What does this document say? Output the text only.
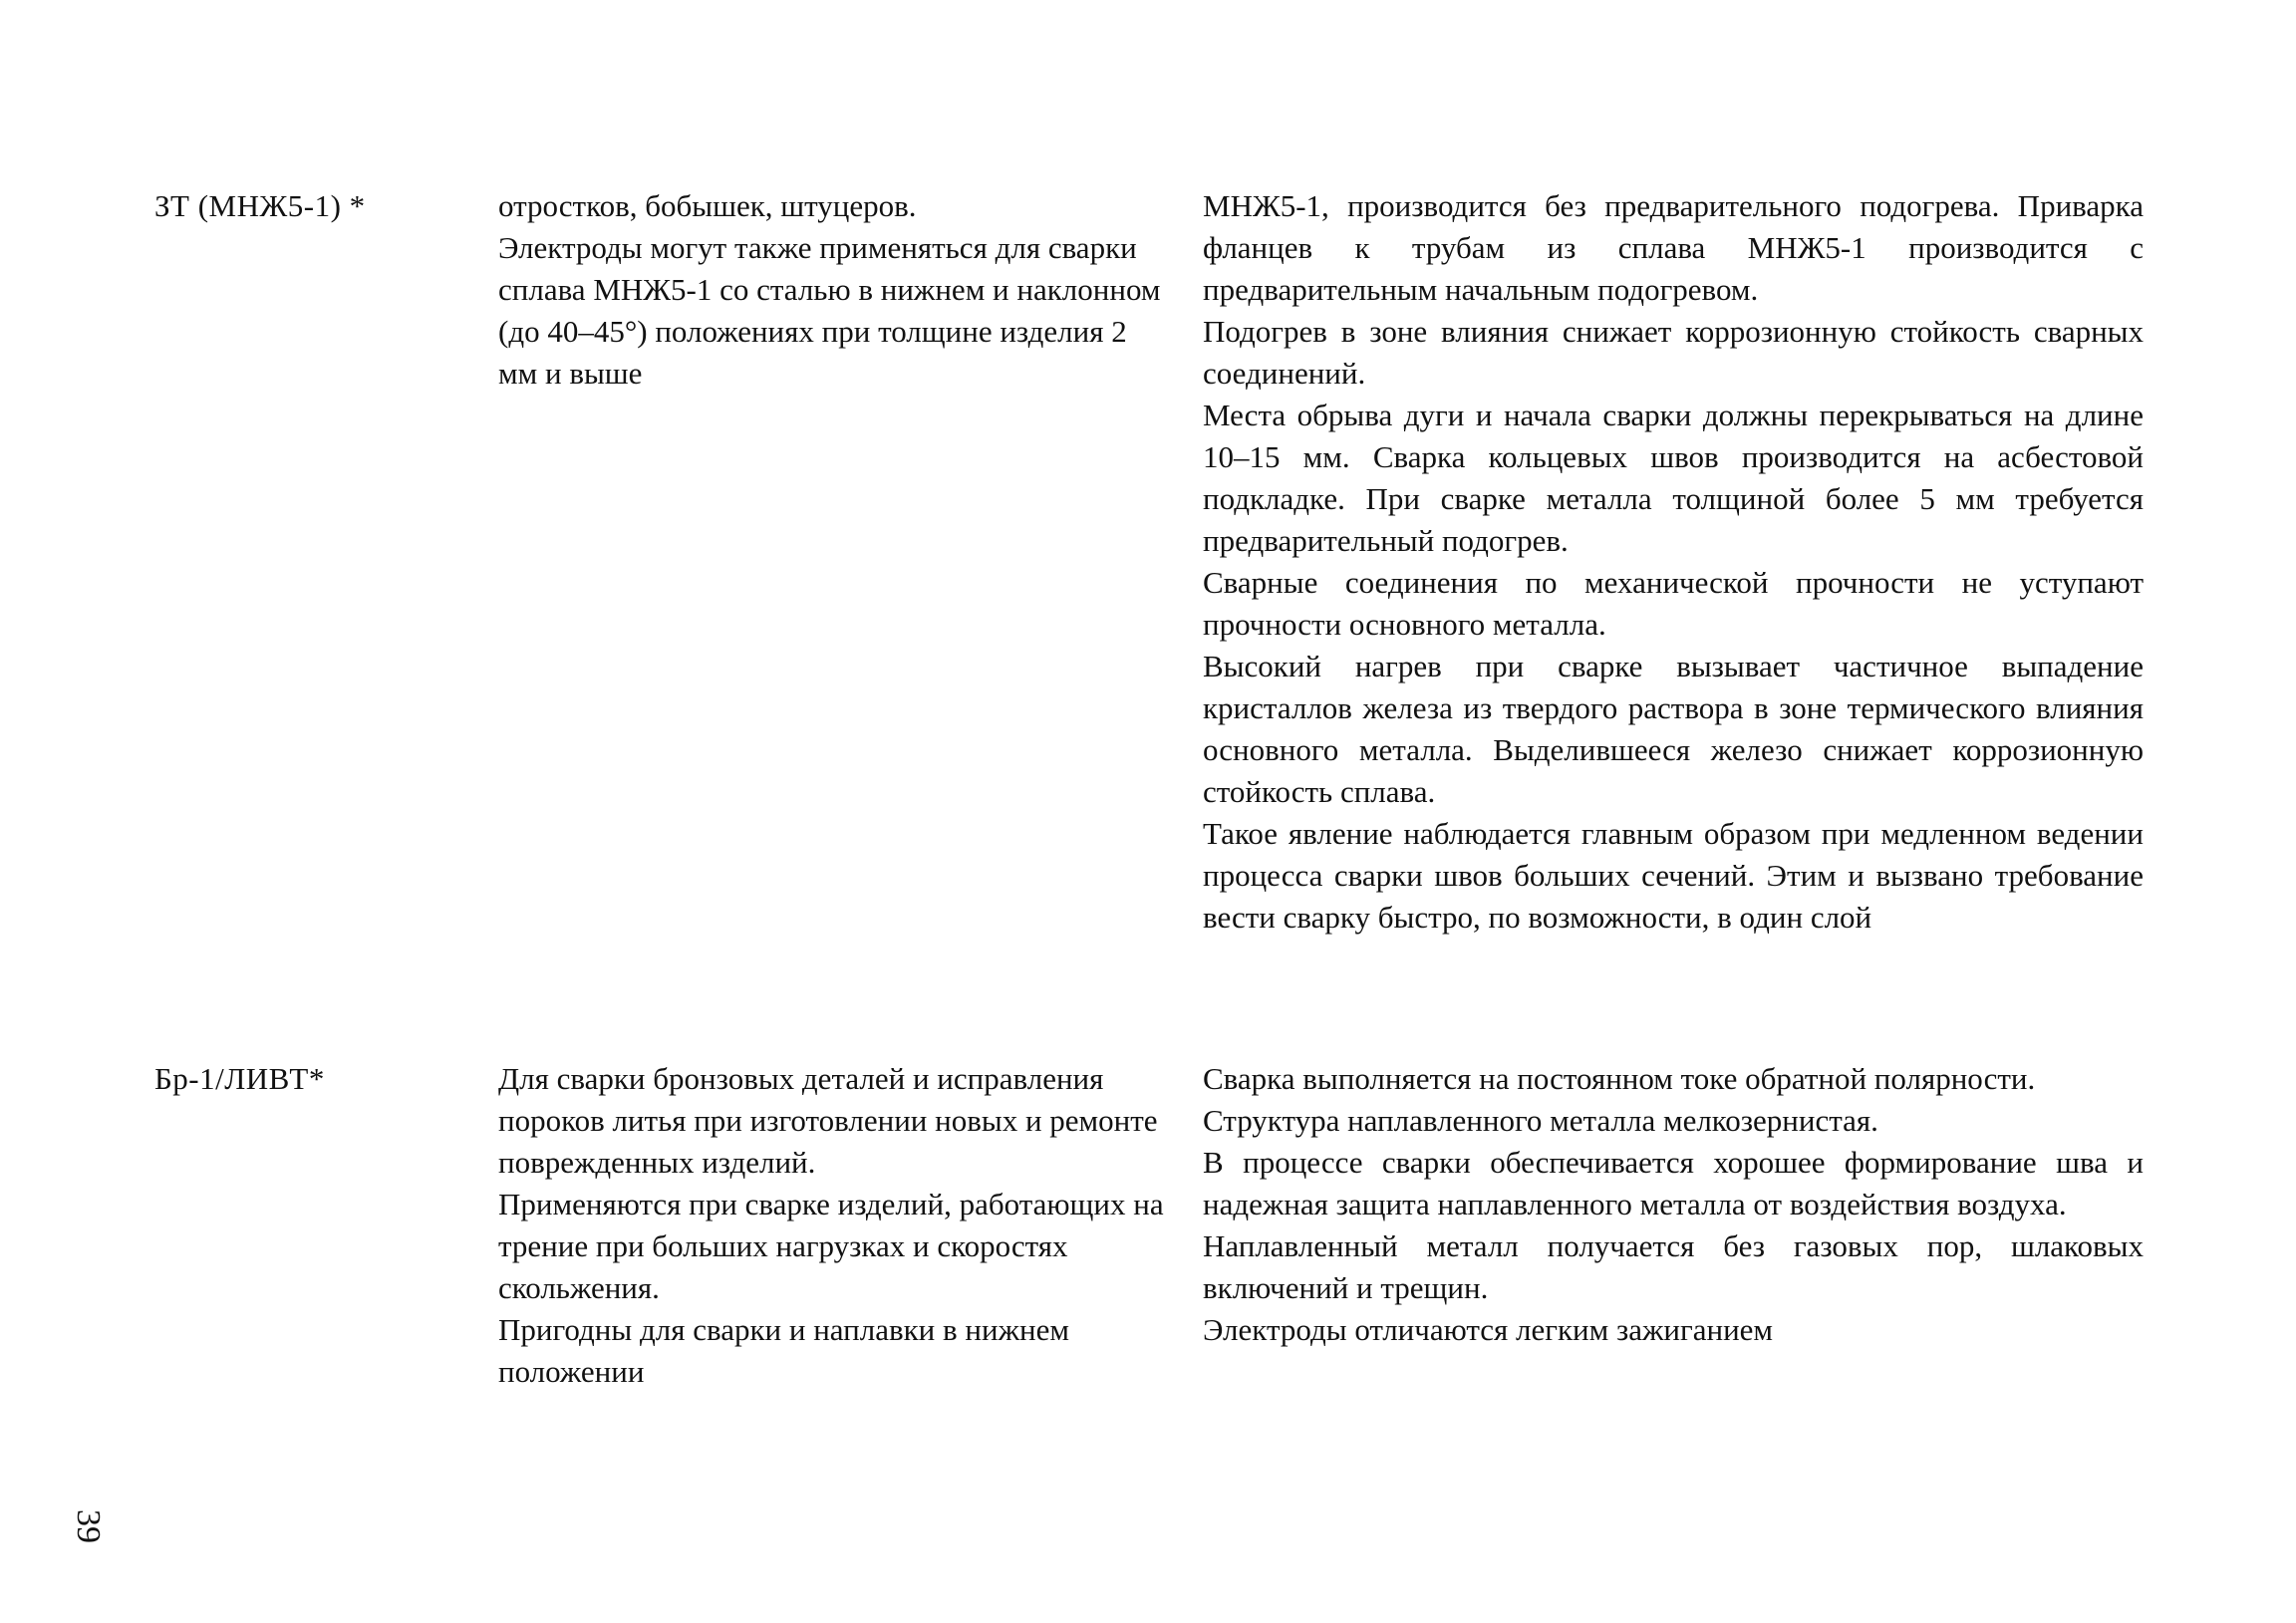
ЗТ (МНЖ5-1) *	отростков, бобышек, штуцеров.

Электроды могут также применяться для сварки сплава МНЖ5-1 со сталью в нижнем и наклонном (до 40–45°) положениях при толщине изделия 2 мм и выше

МНЖ5-1, производится без предварительного подогрева. Приварка фланцев к трубам из сплава МНЖ5-1 производится с предварительным начальным подогревом.

Подогрев в зоне влияния снижает коррозионную стойкость сварных соединений.

Места обрыва дуги и начала сварки должны перекрываться на длине 10–15 мм. Сварка кольцевых швов производится на асбестовой подкладке. При сварке металла толщиной более 5 мм требуется предварительный подогрев.

Сварные соединения по механической прочности не уступают прочности основного металла.

Высокий нагрев при сварке вызывает частичное выпадение кристаллов железа из твердого раствора в зоне термического влияния основного металла. Выделившееся железо снижает коррозионную стойкость сплава.

Такое явление наблюдается главным образом при медленном ведении процесса сварки швов больших сечений. Этим и вызвано требование вести сварку быстро, по возможности, в один слой

Бр-1/ЛИВТ*	Для сварки бронзовых деталей и исправления пороков литья при изготовлении новых и ремонте поврежденных изделий.

Применяются при сварке изделий, работающих на трение при больших нагрузках и скоростях скольжения.

Пригодны для сварки и наплавки в нижнем положении

Сварка выполняется на постоянном токе обратной полярности.

Структура наплавленного металла мелкозернистая.

В процессе сварки обеспечивается хорошее формирование шва и надежная защита наплавленного металла от воздействия воздуха.

Наплавленный металл получается без газовых пор, шлаковых включений и трещин.

Электроды отличаются легким зажиганием

39
